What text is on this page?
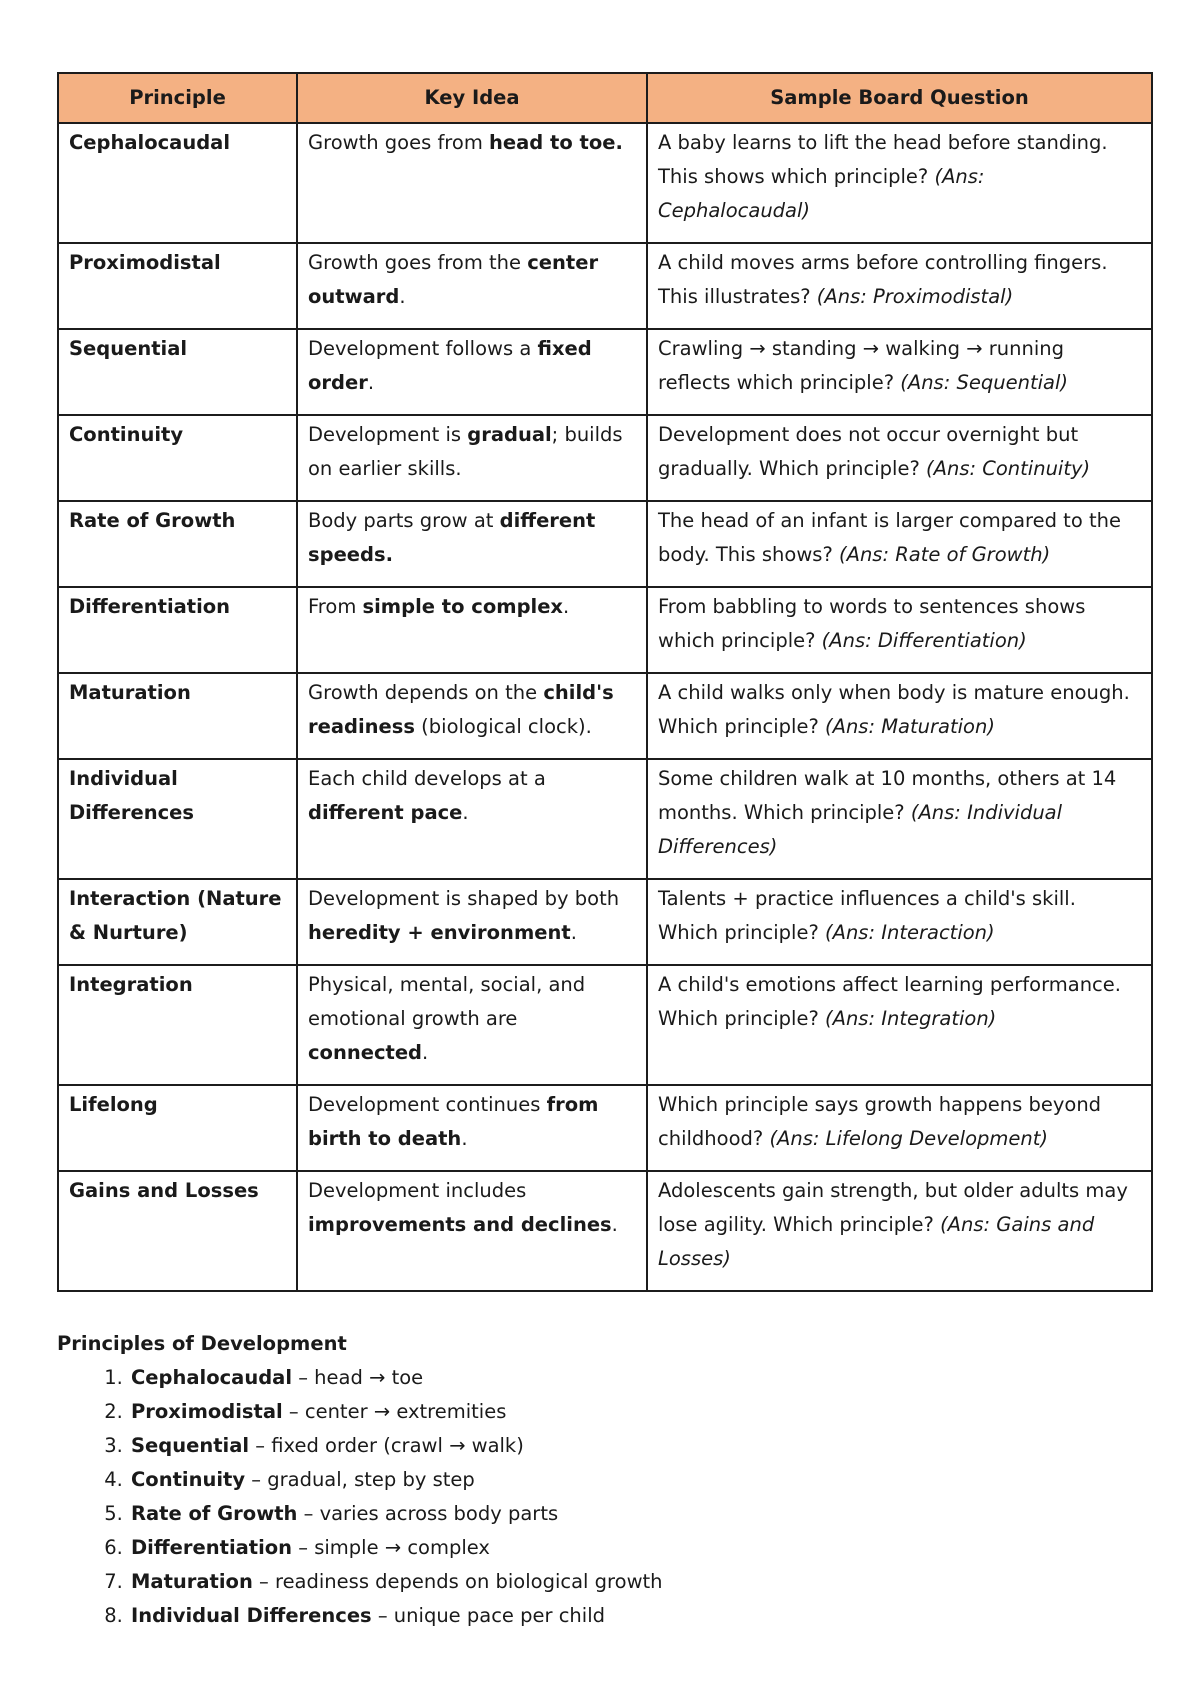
Principle	Key Idea	Sample Board Question
Cephalocaudal	Growth goes from head to toe.	A baby learns to lift the head before standing. This shows which principle? (Ans: Cephalocaudal)
Proximodistal	Growth goes from the center outward.	A child moves arms before controlling fingers. This illustrates? (Ans: Proximodistal)
Sequential	Development follows a fixed order.	Crawling → standing → walking → running reflects which principle? (Ans: Sequential)
Continuity	Development is gradual; builds on earlier skills.	Development does not occur overnight but gradually. Which principle? (Ans: Continuity)
Rate of Growth	Body parts grow at different speeds.	The head of an infant is larger compared to the body. This shows? (Ans: Rate of Growth)
Differentiation	From simple to complex.	From babbling to words to sentences shows which principle? (Ans: Differentiation)
Maturation	Growth depends on the child's readiness (biological clock).	A child walks only when body is mature enough. Which principle? (Ans: Maturation)
Individual Differences	Each child develops at a different pace.	Some children walk at 10 months, others at 14 months. Which principle? (Ans: Individual Differences)
Interaction (Nature & Nurture)	Development is shaped by both heredity + environment.	Talents + practice influences a child's skill. Which principle? (Ans: Interaction)
Integration	Physical, mental, social, and emotional growth are connected.	A child's emotions affect learning performance. Which principle? (Ans: Integration)
Lifelong	Development continues from birth to death.	Which principle says growth happens beyond childhood? (Ans: Lifelong Development)
Gains and Losses	Development includes improvements and declines.	Adolescents gain strength, but older adults may lose agility. Which principle? (Ans: Gains and Losses)

Principles of Development

1. Cephalocaudal – head → toe
2. Proximodistal – center → extremities
3. Sequential – fixed order (crawl → walk)
4. Continuity – gradual, step by step
5. Rate of Growth – varies across body parts
6. Differentiation – simple → complex
7. Maturation – readiness depends on biological growth
8. Individual Differences – unique pace per child
